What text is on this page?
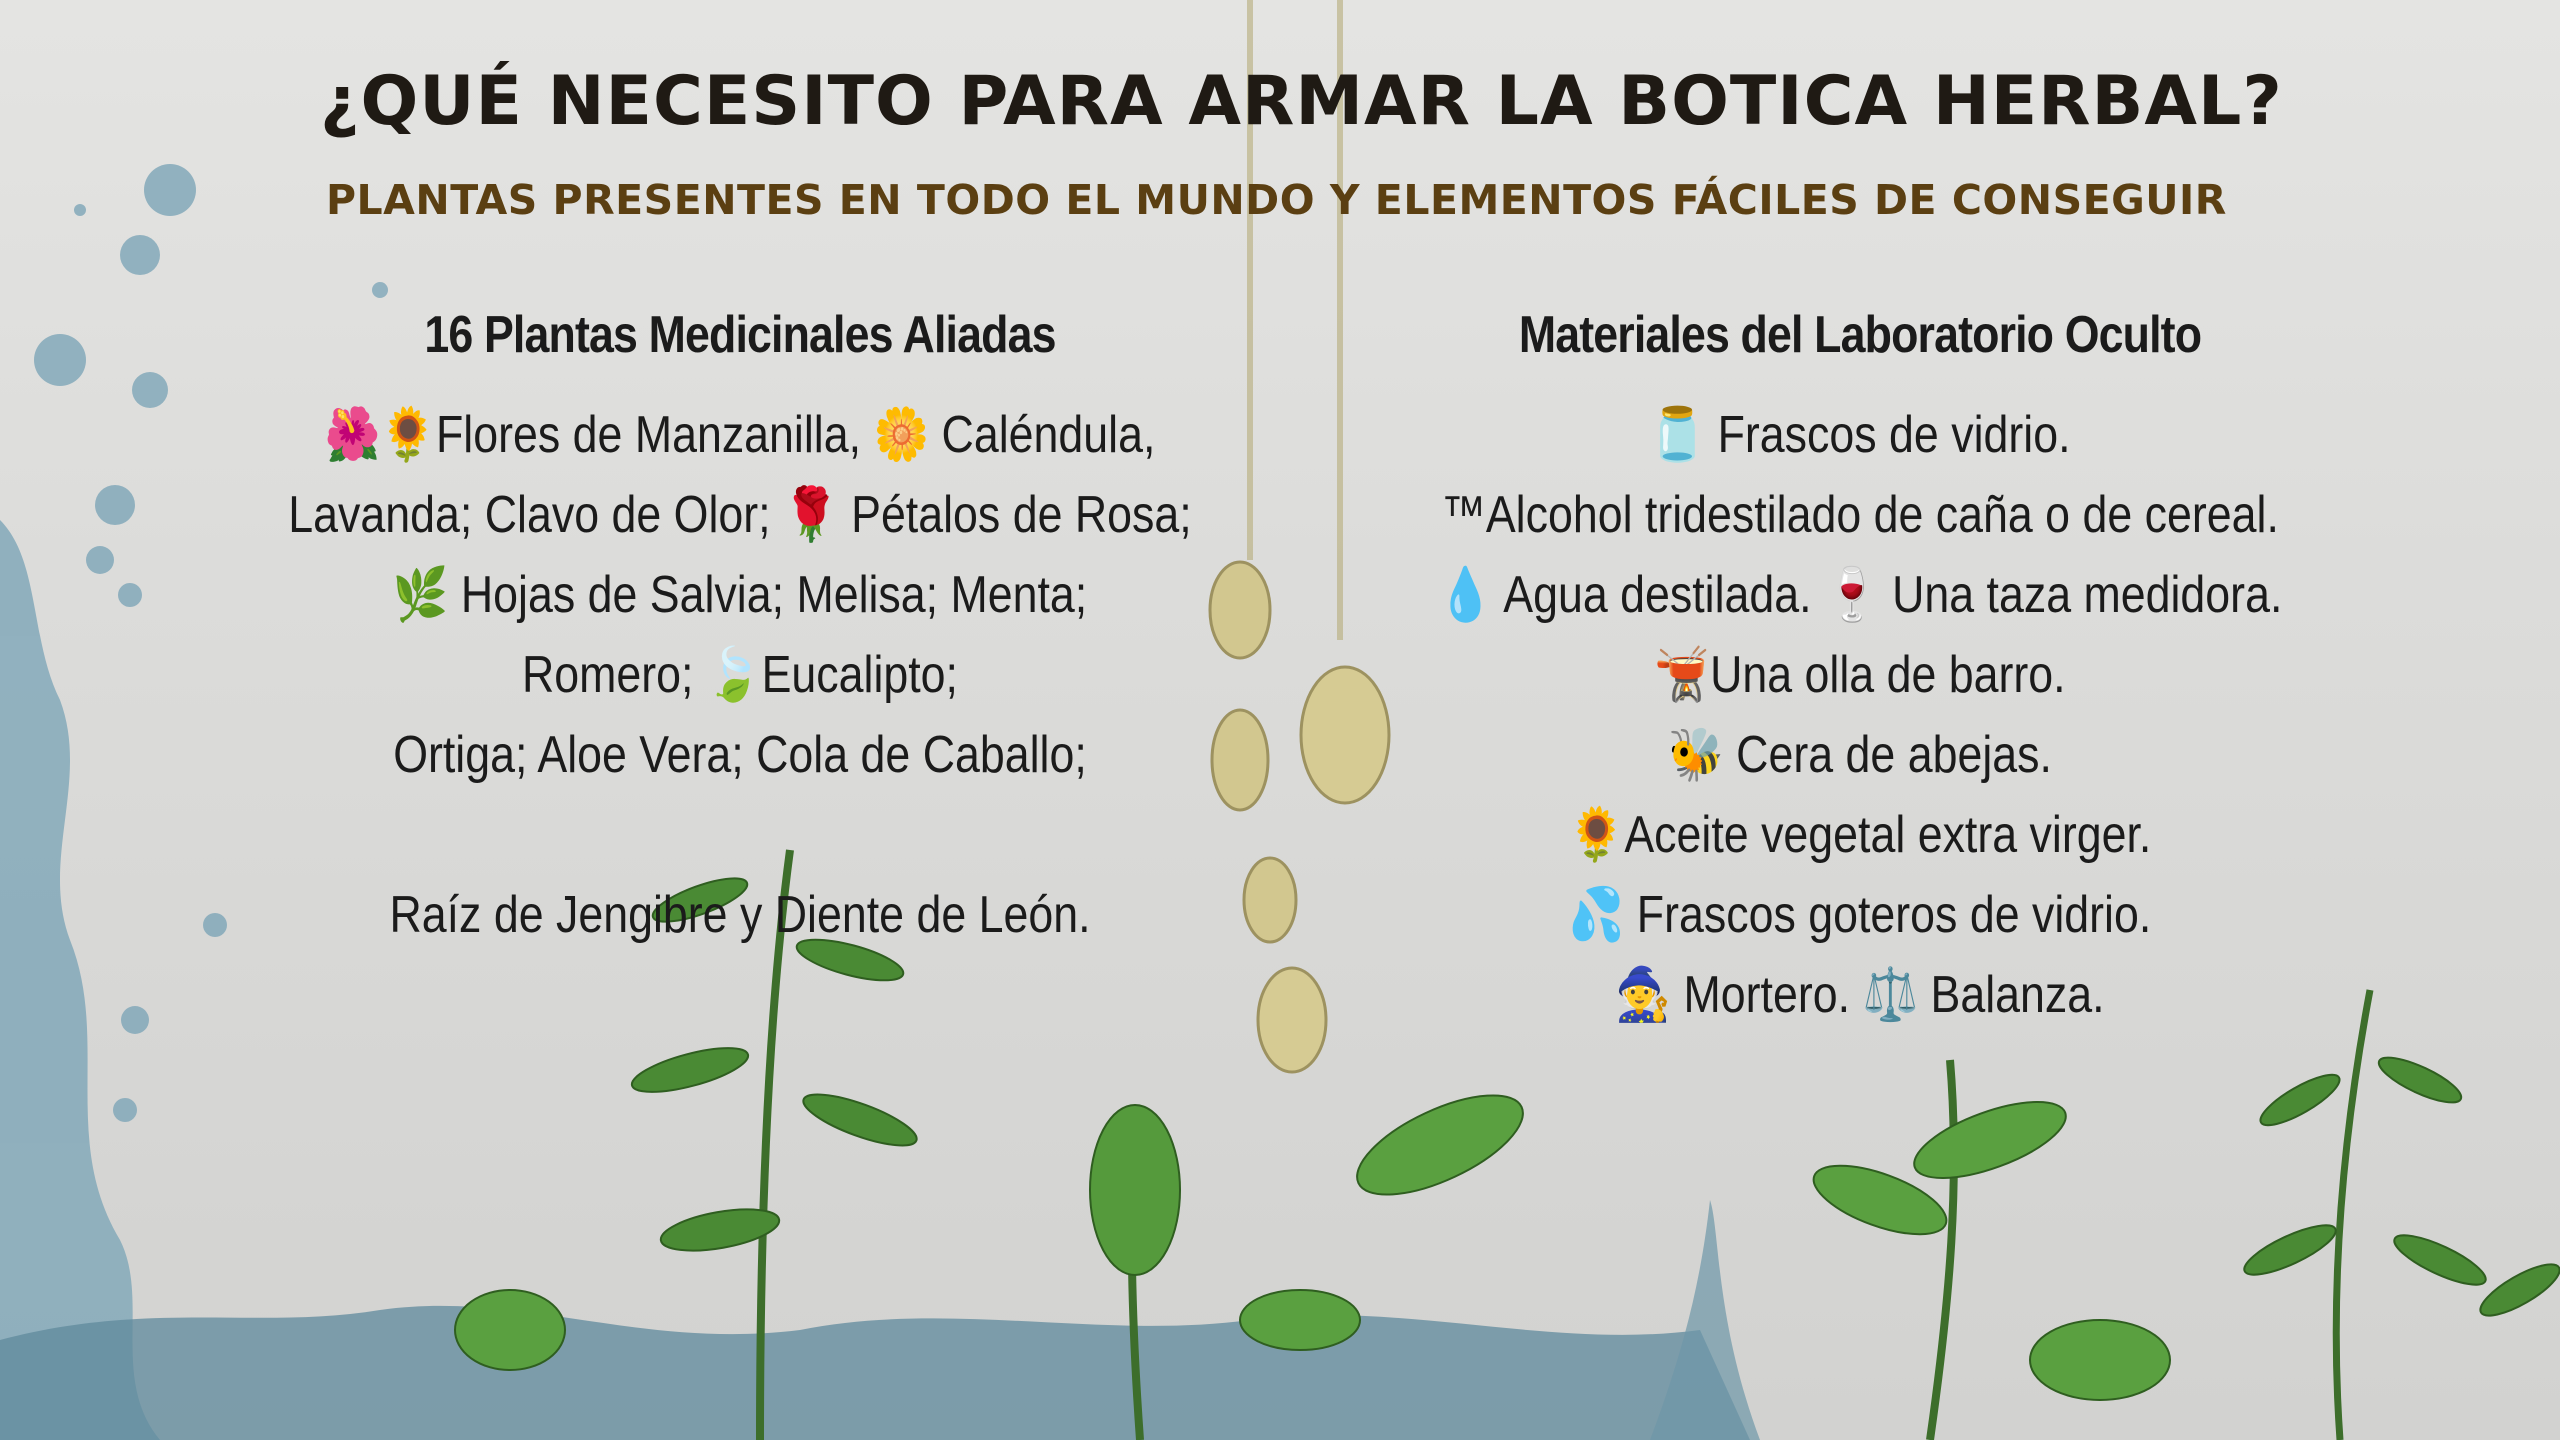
¿QUÉ NECESITO PARA ARMAR LA BOTICA HERBAL?
PLANTAS PRESENTES EN TODO EL MUNDO Y ELEMENTOS FÁCILES DE CONSEGUIR
16 Plantas Medicinales Aliadas
🌺🌻Flores de Manzanilla, 🌼 Caléndula,
Lavanda; Clavo de Olor; 🌹 Pétalos de Rosa;
🌿 Hojas de Salvia; Melisa; Menta;
Romero; 🍃Eucalipto;
Ortiga; Aloe Vera; Cola de Caballo;
Raíz de Jengibre y Diente de León.
Materiales del Laboratorio Oculto
🫙 Frascos de vidrio.
™Alcohol tridestilado de caña o de cereal.
💧 Agua destilada. 🍷 Una taza medidora.
🫕Una olla de barro.
🐝 Cera de abejas.
🌻Aceite vegetal extra virger.
💦 Frascos goteros de vidrio.
🧙 Mortero. ⚖️ Balanza.
